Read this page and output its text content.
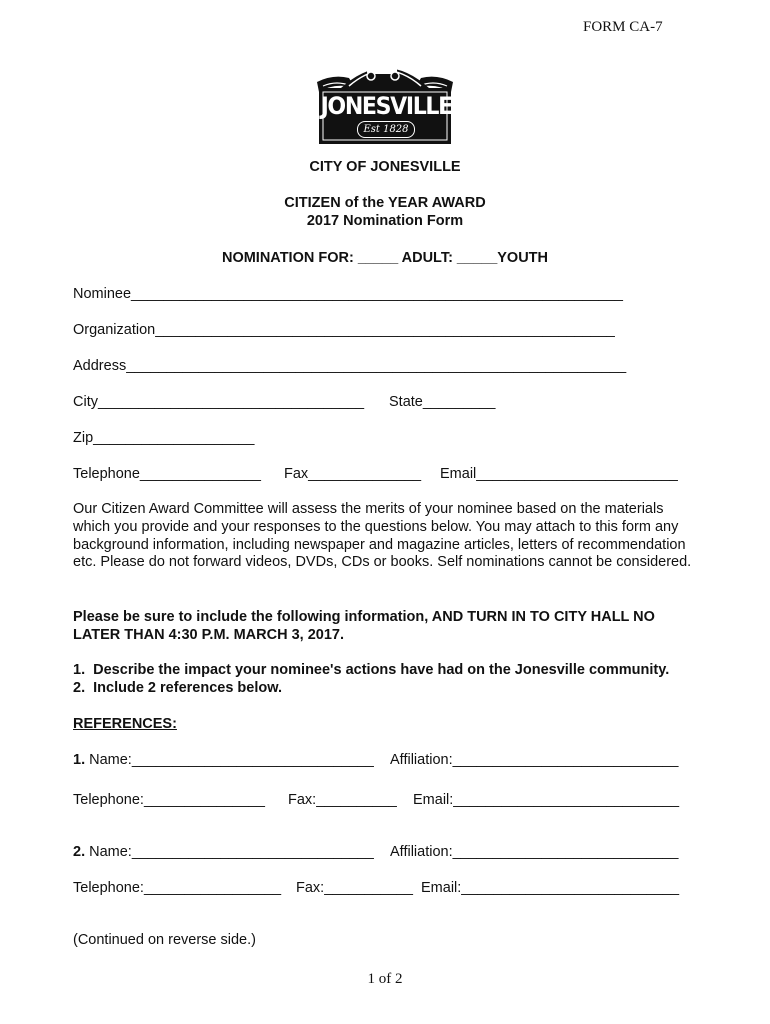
FORM CA-7
JONESVILLE
Est 1828
CITY OF JONESVILLE
CITIZEN of the YEAR AWARD
2017 Nomination Form
NOMINATION FOR: _____ ADULT: _____YOUTH
Nominee_____________________________________________________________
Organization_________________________________________________________
Address______________________________________________________________
City_________________________________ State_________
Zip____________________
Telephone_______________ Fax______________ Email_________________________
Our Citizen Award Committee will assess the merits of your nominee based on the materials which you provide and your responses to the questions below. You may attach to this form any background information, including newspaper and magazine articles, letters of recommendation etc. Please do not forward videos, DVDs, CDs or books. Self nominations cannot be considered.
Please be sure to include the following information, AND TURN IN TO CITY HALL NO LATER THAN 4:30 P.M. MARCH 3, 2017.
1.  Describe the impact your nominee's actions have had on the Jonesville community.
2.  Include 2 references below.
REFERENCES:
1. Name:______________________________ Affiliation:____________________________
Telephone:_______________ Fax:__________ Email:____________________________
2. Name:______________________________ Affiliation:____________________________
Telephone:_________________ Fax:___________ Email:___________________________
(Continued on reverse side.)
1 of 2
